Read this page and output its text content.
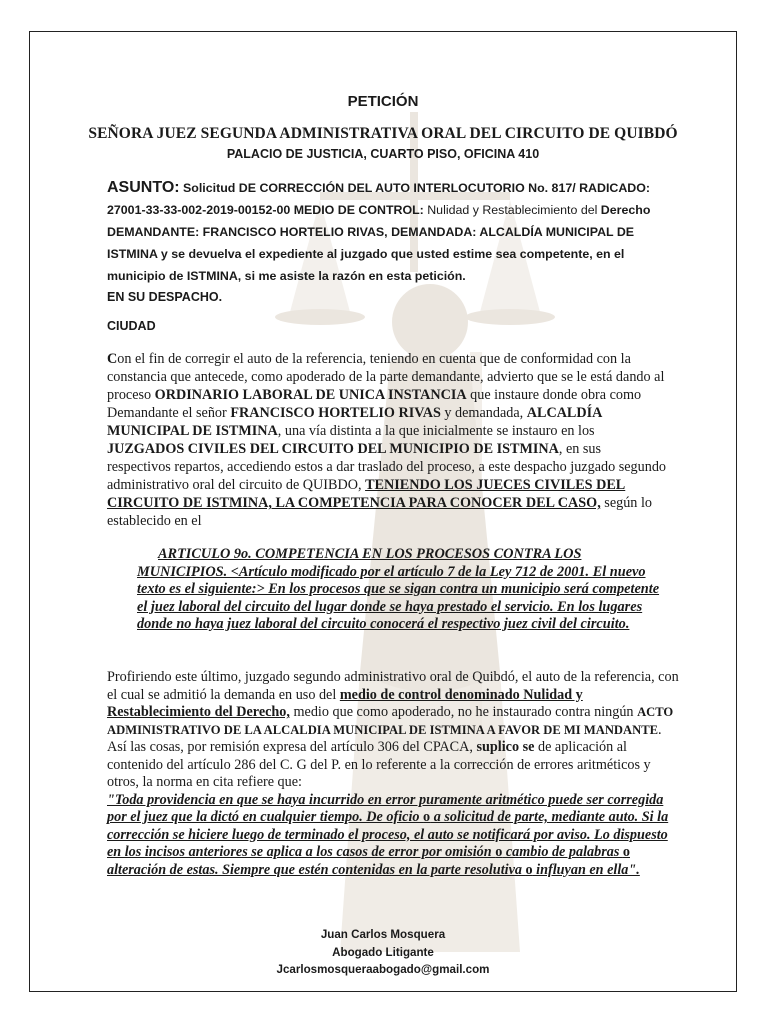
PETICIÓN
SEÑORA JUEZ SEGUNDA ADMINISTRATIVA ORAL DEL CIRCUITO DE QUIBDÓ
PALACIO DE JUSTICIA, CUARTO PISO, OFICINA 410
ASUNTO: Solicitud DE CORRECCIÓN DEL AUTO INTERLOCUTORIO No. 817/ RADICADO: 27001-33-33-002-2019-00152-00 MEDIO DE CONTROL: Nulidad y Restablecimiento del Derecho DEMANDANTE: FRANCISCO HORTELIO RIVAS, DEMANDADA: ALCALDÍA MUNICIPAL DE ISTMINA y se devuelva el expediente al juzgado que usted estime sea competente, en el municipio de ISTMINA, si me asiste la razón en esta petición.
EN SU DESPACHO.
CIUDAD
Con el fin de corregir el auto de la referencia, teniendo en cuenta que de conformidad con la constancia que antecede, como apoderado de la parte demandante, advierto que se le está dando al proceso ORDINARIO LABORAL DE UNICA INSTANCIA que instaure donde obra como Demandante el señor FRANCISCO HORTELIO RIVAS y demandada, ALCALDÍA MUNICIPAL DE ISTMINA, una vía distinta a la que inicialmente se instauro en los JUZGADOS CIVILES DEL CIRCUITO DEL MUNICIPIO DE ISTMINA, en sus respectivos repartos, accediendo estos a dar traslado del proceso, a este despacho juzgado segundo administrativo oral del circuito de QUIBDO, TENIENDO LOS JUECES CIVILES DEL CIRCUITO DE ISTMINA, LA COMPETENCIA PARA CONOCER DEL CASO, según lo establecido en el
ARTICULO 9o. COMPETENCIA EN LOS PROCESOS CONTRA LOS MUNICIPIOS. <Artículo modificado por el artículo 7 de la Ley 712 de 2001. El nuevo texto es el siguiente:> En los procesos que se sigan contra un municipio será competente el juez laboral del circuito del lugar donde se haya prestado el servicio. En los lugares donde no haya juez laboral del circuito conocerá el respectivo juez civil del circuito.
Profiriendo este último, juzgado segundo administrativo oral de Quibdó, el auto de la referencia, con el cual se admitió la demanda en uso del medio de control denominado Nulidad y Restablecimiento del Derecho, medio que como apoderado, no he instaurado contra ningún ACTO ADMINISTRATIVO DE LA ALCALDIA MUNICIPAL DE ISTMINA A FAVOR DE MI MANDANTE.
Así las cosas, por remisión expresa del artículo 306 del CPACA, suplico se de aplicación al contenido del artículo 286 del C. G del P. en lo referente a la corrección de errores aritméticos y otros, la norma en cita refiere que:
"Toda providencia en que se haya incurrido en error puramente aritmético puede ser corregida por el juez que la dictó en cualquier tiempo. De oficio o a solicitud de parte, mediante auto. Si la corrección se hiciere luego de terminado el proceso, el auto se notificará por aviso. Lo dispuesto en los incisos anteriores se aplica a los casos de error por omisión o cambio de palabras o alteración de estas. Siempre que estén contenidas en la parte resolutiva o influyan en ella".
Juan Carlos Mosquera
Abogado Litigante
Jcarlosmosqueraabogado@gmail.com
